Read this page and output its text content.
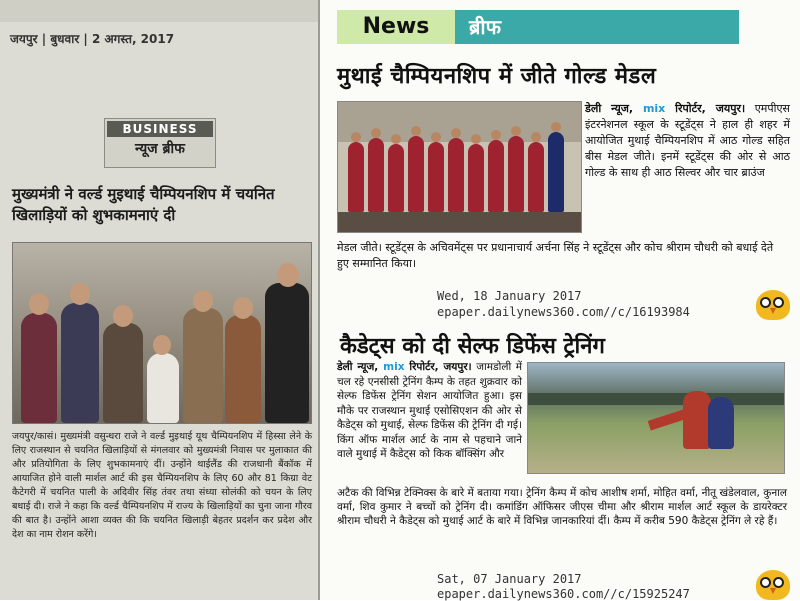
जयपुर | बुधवार | 2 अगस्त, 2017
BUSINESS
न्यूज ब्रीफ
मुख्यमंत्री ने वर्ल्ड मुइथाई चैम्पियनशिप में चयनित खिलाड़ियों को शुभकामनाएं दी
जयपुर/कासं। मुख्यमंत्री वसुन्धरा राजे ने वर्ल्ड मुइथाई यूथ चैम्पियनशिप में हिस्सा लेने के लिए राजस्थान से चयनित खिलाड़ियों से मंगलवार को मुख्यमंत्री निवास पर मुलाकात की और प्रतियोगिता के लिए शुभकामनाएं दीं। उन्होंने थाईलैंड की राजधानी बैंकॉक में आयाजित होने वाली मार्शल आर्ट की इस चैम्पियनशिप के लिए 60 और 81 किग्रा वेट कैटेगरी में चयनित पाली के अदिवीर सिंह तंवर तथा संध्या सोलंकी को चयन के लिए बधाई दी। राजे ने कहा कि वर्ल्ड चैम्पियनशिप में राज्य के खिलाड़ियों का चुना जाना गौरव की बात है। उन्होंने आशा व्यक्त की कि चयनित खिलाड़ी बेहतर प्रदर्शन कर प्रदेश और देश का नाम रोशन करेंगे।
News	ब्रीफ
मुथाई चैम्पियनशिप में जीते गोल्ड मेडल
डेली न्यूज, mix रिपोर्टर, जयपुर। एमपीएस इंटरनेशनल स्कूल के स्टूडेंट्स ने हाल ही शहर में आयोजित मुथाई चैम्पियनशिप में आठ गोल्ड सहित बीस मेडल जीते। इनमें स्टूडेंट्स की ओर से आठ गोल्ड के साथ ही आठ सिल्वर और चार ब्राउंज
मेडल जीते। स्टूडेंट्स के अचिवमेंट्स पर प्रधानाचार्य अर्चना सिंह ने स्टूडेंट्स और कोच श्रीराम चौधरी को बधाई देते हुए सम्मानित किया।
Wed, 18 January 2017
epaper.dailynews360.com//c/16193984
कैडेट्स को दी सेल्फ डिफेंस ट्रेनिंग
डेली न्यूज, mix रिपोर्टर, जयपुर। जामडोली में चल रहे एनसीसी ट्रेनिंग कैम्प के तहत शुक्रवार को सेल्फ डिफेंस ट्रेनिंग सेशन आयोजित हुआ। इस मौके पर राजस्थान मुथाई एसोसिएशन की ओर से कैडेट्स को मुथाई, सेल्फ डिफेंस की ट्रेनिंग दी गई। किंग ऑफ मार्शल आर्ट के नाम से पहचाने जाने वाले मुथाई में कैडेट्स को किक बॉक्सिंग और
अटैक की विभिन्न टेक्निक्स के बारे में बताया गया। ट्रेनिंग कैम्प में कोच आशीष शर्मा, मोहित वर्मा, नीतू खंडेलवाल, कुनाल वर्मा, शिव कुमार ने बच्चों को ट्रेनिंग दी। कमांडिंग ऑफिसर जीएस चीमा और श्रीराम मार्शल आर्ट स्कूल के डायरेक्टर श्रीराम चौधरी ने कैडेट्स को मुथाई आर्ट के बारे में विभिन्न जानकारियां दीं। कैम्प में करीब 590 कैडेट्स ट्रेनिंग ले रहे हैं।
Sat, 07 January 2017
epaper.dailynews360.com//c/15925247
